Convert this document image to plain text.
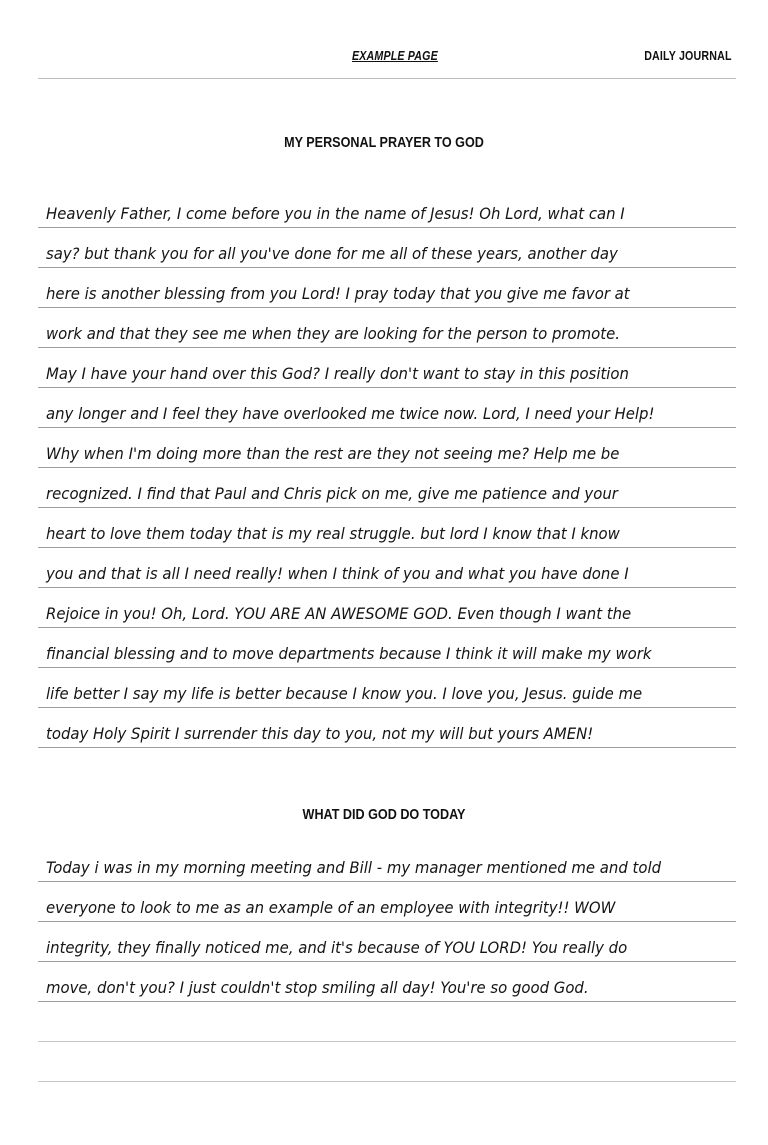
EXAMPLE PAGE	DAILY JOURNAL
MY PERSONAL PRAYER TO GOD
Heavenly Father, I come before you in the name of Jesus! Oh Lord, what can I
say? but thank you for all you've done for me all of these years, another day
here is another blessing from you Lord! I pray today that you give me favor at
work and that they see me when they are looking for the person to promote.
May I have your hand over this God? I really don't want to stay in this position
any longer and I feel they have overlooked me twice now. Lord, I need your Help!
Why when I'm doing more than the rest are they not seeing me? Help me be
recognized. I find that Paul and Chris pick on me, give me patience and your
heart to love them today that is my real struggle. but lord I know that I know
you and that is all I need really! when I think of you and what you have done I
Rejoice in you! Oh, Lord. YOU ARE AN AWESOME GOD. Even though I want the
financial blessing and to move departments because I think it will make my work
life better I say my life is better because I know you. I love you, Jesus. guide me
today Holy Spirit I surrender this day to you, not my will but yours AMEN!
WHAT DID GOD DO TODAY
Today i was in my morning meeting and Bill - my manager mentioned me and told
everyone to look to me as an example of an employee with integrity!! WOW
integrity, they finally noticed me, and it's because of YOU LORD! You really do
move, don't you? I just couldn't stop smiling all day! You're so good God.
